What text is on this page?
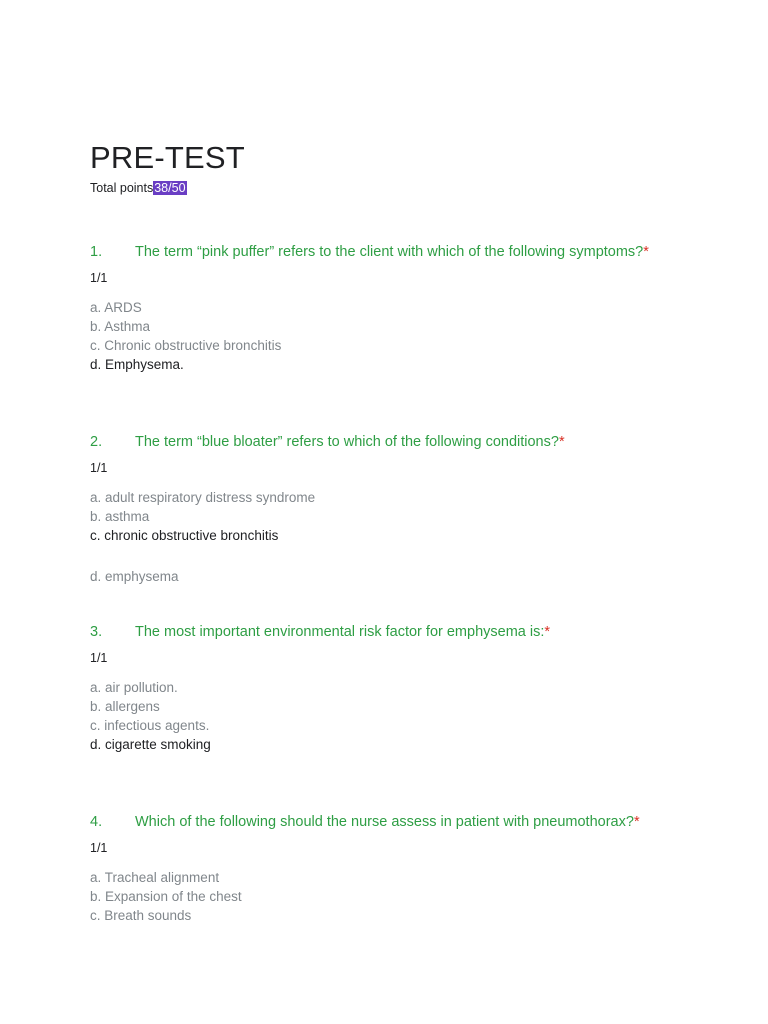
PRE-TEST
Total points38/50
1. The term “pink puffer” refers to the client with which of the following symptoms?*
1/1
a. ARDS
b. Asthma
c. Chronic obstructive bronchitis
d. Emphysema.
2. The term “blue bloater” refers to which of the following conditions?*
1/1
a. adult respiratory distress syndrome
b. asthma
c. chronic obstructive bronchitis
d. emphysema
3. The most important environmental risk factor for emphysema is:*
1/1
a. air pollution.
b. allergens
c. infectious agents.
d. cigarette smoking
4. Which of the following should the nurse assess in patient with pneumothorax?*
1/1
a. Tracheal alignment
b. Expansion of the chest
c. Breath sounds
